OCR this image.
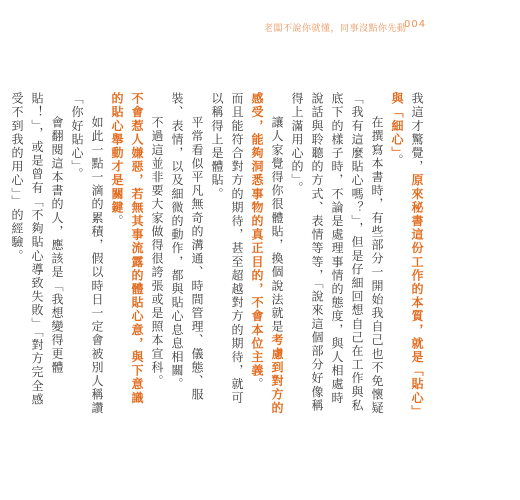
老闆不說你就懂，同事沒點你先動
004

我這才驚覺，原來秘書這份工作的本質，就是「貼心」與「細心」。

在撰寫本書時，有些部分一開始我自己也不免懷疑「我有這麼貼心嗎？」，但是仔細回想自己在工作與私底下的樣子時，不論是處理事情的態度，與人相處時說話與聆聽的方式、表情等等，「說來這個部分好像稱得上滿用心的」。

讓人家覺得你很體貼，換個說法就是考慮到對方的感受，能夠洞悉事物的真正目的，不會本位主義。

而且能符合對方的期待，甚至超越對方的期待，就可以稱得上是體貼。

平常看似平凡無奇的溝通、時間管理、儀態、服裝、表情，以及細微的動作，都與貼心息息相關。

不過這並非要大家做得很誇張或是照本宣科。

不會惹人嫌惡，若無其事流露的體貼心意，與下意識的貼心舉動才是關鍵。

如此一點一滴的累積，假以時日一定會被別人稱讚「你好貼心」。

會翻閱這本書的人，應該是「我想變得更體貼！」，或是曾有「不夠貼心導致失敗」「對方完全感受不到我的用心」」的經驗。
